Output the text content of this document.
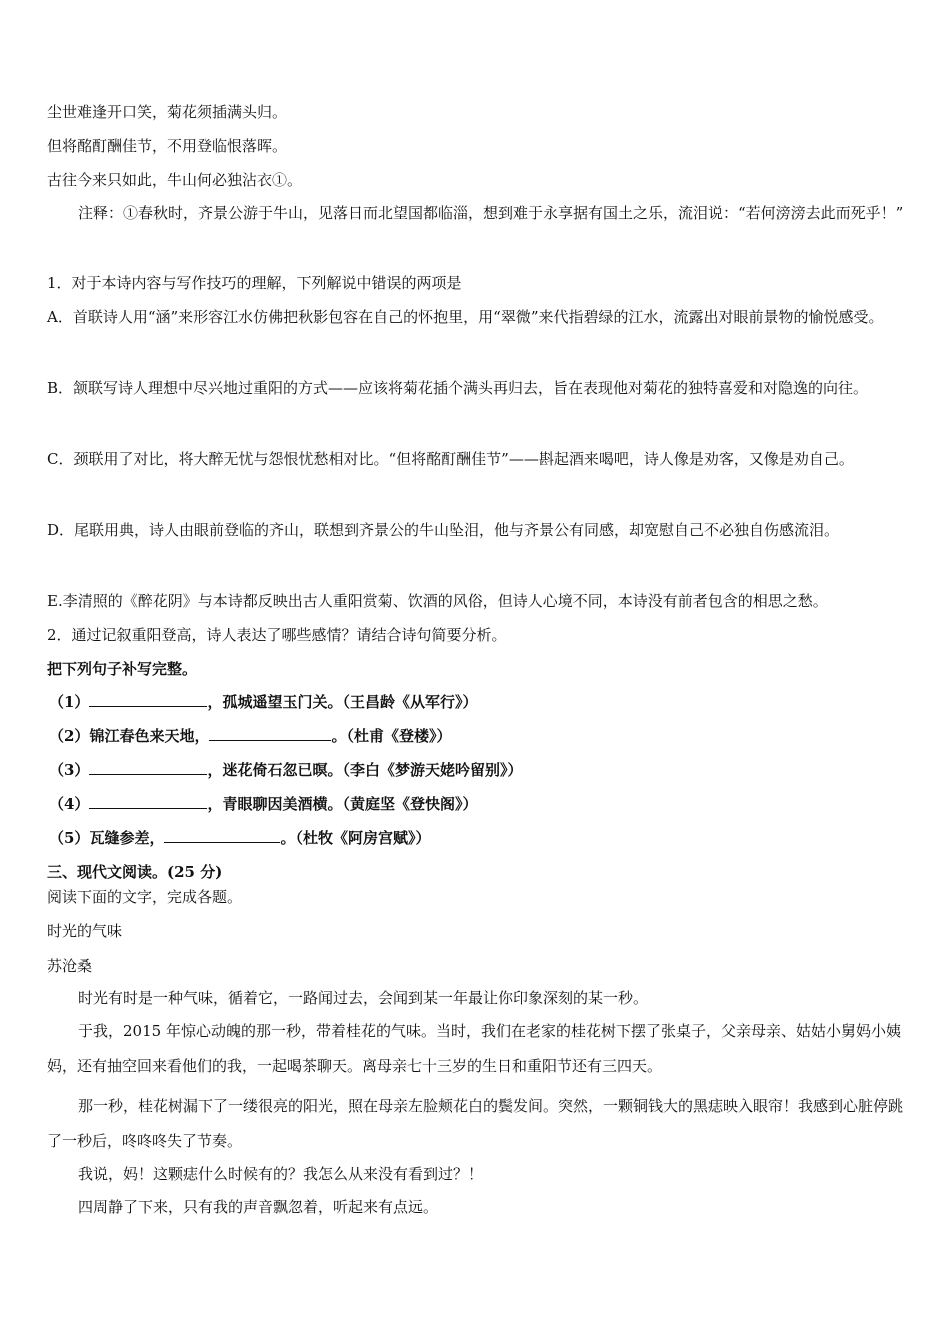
尘世难逢开口笑，菊花须插满头归。
但将酩酊酬佳节，不用登临恨落晖。
古往今来只如此，牛山何必独沾衣①。
注释：①春秋时，齐景公游于牛山，见落日而北望国都临淄，想到难于永享据有国土之乐，流泪说：“若何滂滂去此而死乎！”
1．对于本诗内容与写作技巧的理解，下列解说中错误的两项是
A．首联诗人用“涵”来形容江水仿佛把秋影包容在自己的怀抱里，用“翠微”来代指碧绿的江水，流露出对眼前景物的愉悦感受。
B．颔联写诗人理想中尽兴地过重阳的方式——应该将菊花插个满头再归去，旨在表现他对菊花的独特喜爱和对隐逸的向往。
C．颈联用了对比，将大醉无忧与怨恨忧愁相对比。“但将酩酊酬佳节”——斟起酒来喝吧，诗人像是劝客，又像是劝自己。
D．尾联用典，诗人由眼前登临的齐山，联想到齐景公的牛山坠泪，他与齐景公有同感，却宽慰自己不必独自伤感流泪。
E.李清照的《醉花阴》与本诗都反映出古人重阳赏菊、饮酒的风俗，但诗人心境不同，本诗没有前者包含的相思之愁。
2．通过记叙重阳登高，诗人表达了哪些感情？请结合诗句简要分析。
把下列句子补写完整。
（1）	，孤城遥望玉门关。（王昌龄《从军行》）
（2）锦江春色来天地，	。（杜甫《登楼》）
（3）	，迷花倚石忽已暝。（李白《梦游天姥吟留别》）
（4）	，青眼聊因美酒横。（黄庭坚《登快阁》）
（5）瓦缝参差，	。（杜牧《阿房宫赋》）
三、现代文阅读。(25 分)
阅读下面的文字，完成各题。
时光的气味
苏沧桑
时光有时是一种气味，循着它，一路闻过去，会闻到某一年最让你印象深刻的某一秒。
于我，2015 年惊心动魄的那一秒，带着桂花的气味。当时，我们在老家的桂花树下摆了张桌子，父亲母亲、姑姑小舅妈小姨妈，还有抽空回来看他们的我，一起喝茶聊天。离母亲七十三岁的生日和重阳节还有三四天。
那一秒，桂花树漏下了一缕很亮的阳光，照在母亲左脸颊花白的鬓发间。突然，一颗铜钱大的黑痣映入眼帘！我感到心脏停跳了一秒后，咚咚咚失了节奏。
我说，妈！这颗痣什么时候有的？我怎么从来没有看到过？！
四周静了下来，只有我的声音飘忽着，听起来有点远。
